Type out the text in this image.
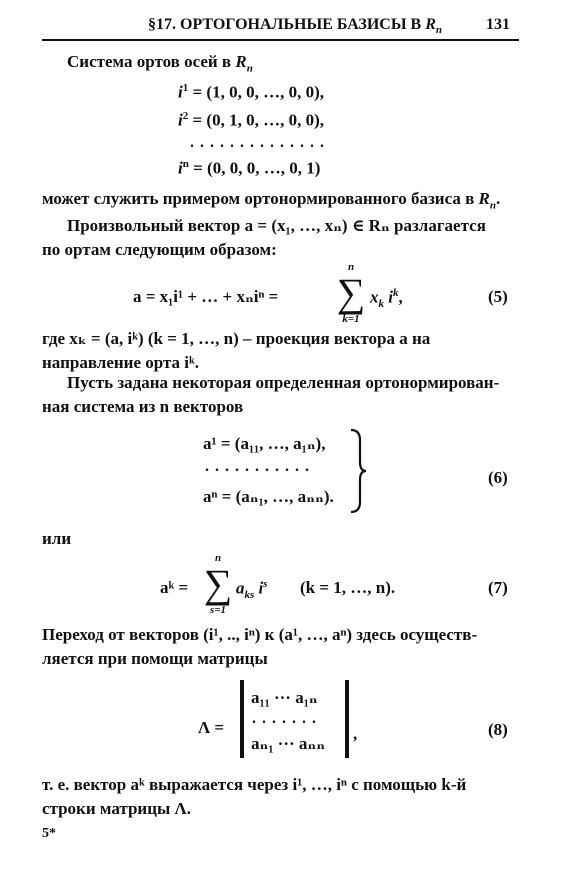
§17. ОРТОГОНАЛЬНЫЕ БАЗИСЫ В $R_n$	131
Система ортов осей в $R_n$
$i^1 = (1$, 0, 0, …, 0, 0),
$i^2 = (0$, 1, 0, …, 0, 0),
..............
$i^n = (0$, 0, 0, …, 0, 1)
может служить примером ортонормированного базиса в $R_n$.
Произвольный вектор a = (x₁, …, xₙ) ∈ Rₙ разлагается
по ортам следующим образом:
a = x₁i¹ + … + xₙiⁿ =
n
∑
k=1
$x_k$ $i^k$,	(5)
где xₖ = (a, iᵏ) (k = 1, …, n) – проекция вектора a на
направление орта iᵏ.
Пусть задана некоторая определенная ортонормирован-
ная система из n векторов
a¹ = (a₁₁, …, a₁ₙ),
...........
aⁿ = (aₙ₁, …, aₙₙ).
(6)
или
aᵏ =
n
∑
s=1
$a_{ks}$ $i^s$ (k = 1, …, n).	(7)
Переход от векторов (i¹, .., iⁿ) к (a¹, …, aⁿ) здесь осуществ-
ляется при помощи матрицы
Λ =
a₁₁ ··· a₁ₙ
.......
aₙ₁ ··· aₙₙ
,	(8)
т. е. вектор aᵏ выражается через i¹, …, iⁿ с помощью k-й
строки матрицы Λ.
5*
